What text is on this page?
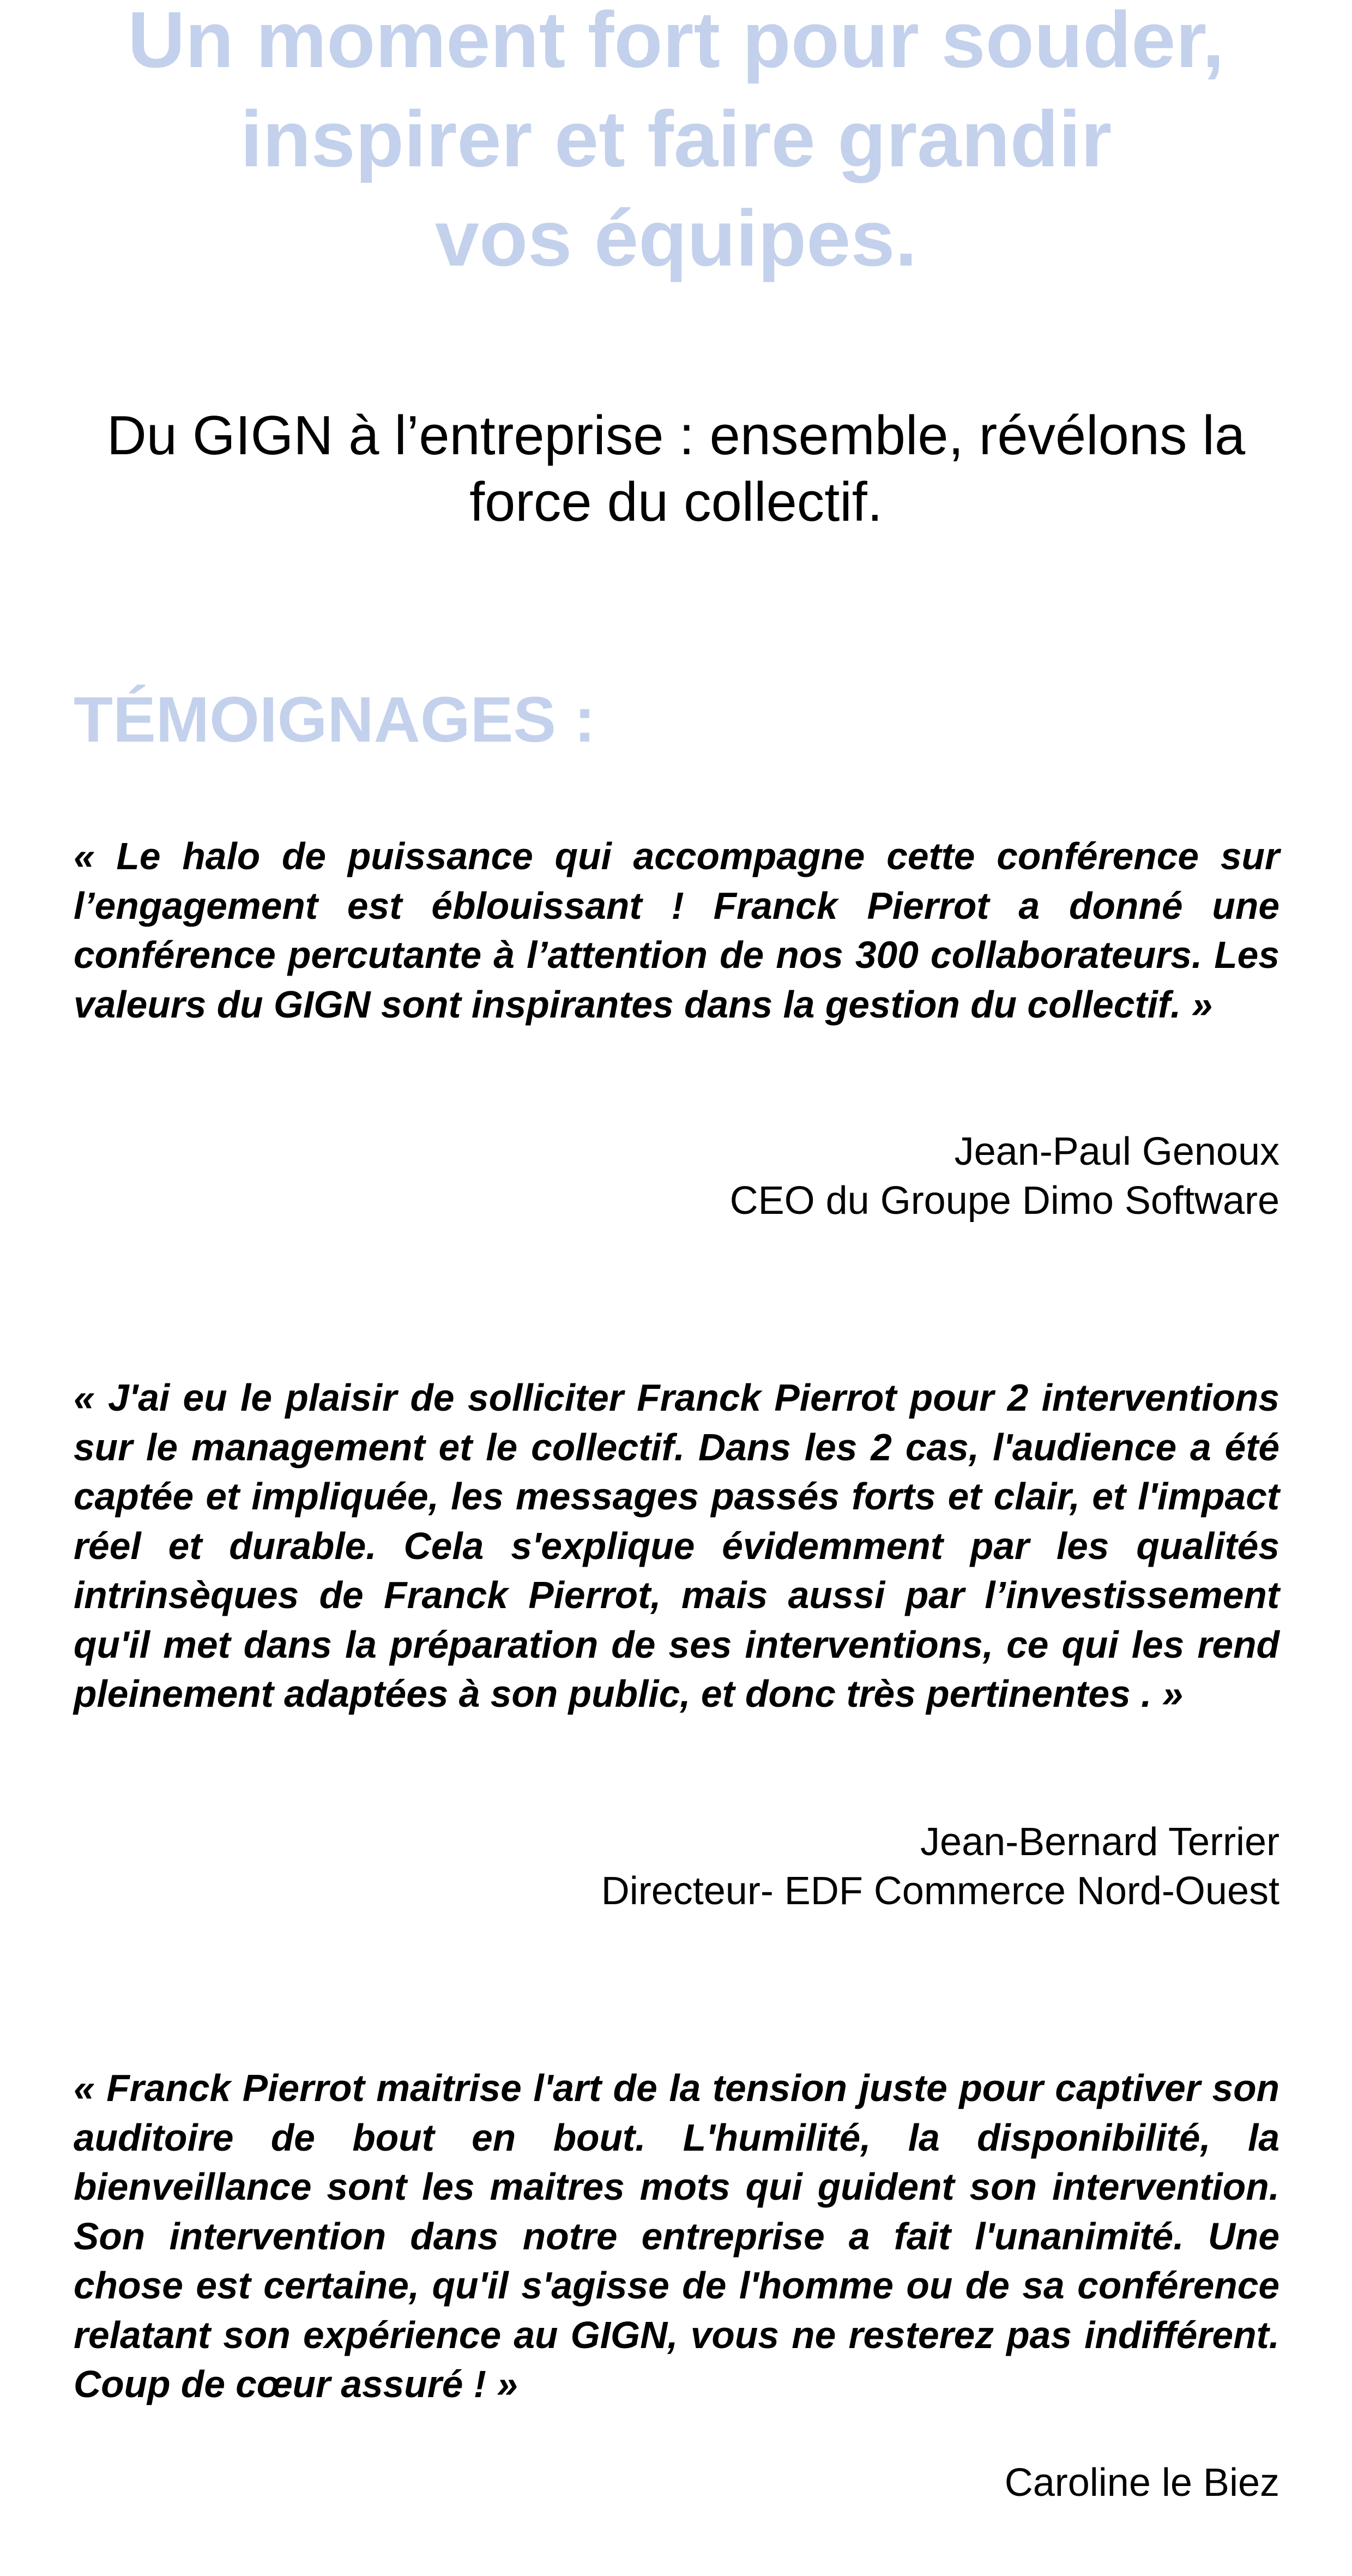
Un moment fort pour souder,
inspirer et faire grandir
vos équipes.

Du GIGN à l’entreprise : ensemble, révélons la force du collectif.

TÉMOIGNAGES :

« Le halo de puissance qui accompagne cette conférence sur l’engagement est éblouissant ! Franck Pierrot a donné une conférence percutante à l’attention de nos 300 collaborateurs. Les valeurs du GIGN sont inspirantes dans la gestion du collectif. »

Jean-Paul Genoux
CEO du Groupe Dimo Software

« J'ai eu le plaisir de solliciter Franck Pierrot pour 2 interventions sur le management et le collectif. Dans les 2 cas, l'audience a été captée et impliquée, les messages passés forts et clair, et l'impact réel et durable. Cela s'explique évidemment par les qualités intrinsèques de Franck Pierrot, mais aussi par l’investissement qu'il met dans la préparation de ses interventions, ce qui les rend pleinement adaptées à son public, et donc très pertinentes . »

Jean-Bernard Terrier
Directeur- EDF Commerce Nord-Ouest

« Franck Pierrot maitrise l'art de la tension juste pour captiver son auditoire de bout en bout. L'humilité, la disponibilité, la bienveillance sont les maitres mots qui guident son intervention. Son intervention dans notre entreprise a fait l'unanimité. Une chose est certaine, qu'il s'agisse de l'homme ou de sa conférence relatant son expérience au GIGN, vous ne resterez pas indifférent. Coup de cœur assuré ! »

Caroline le Biez
